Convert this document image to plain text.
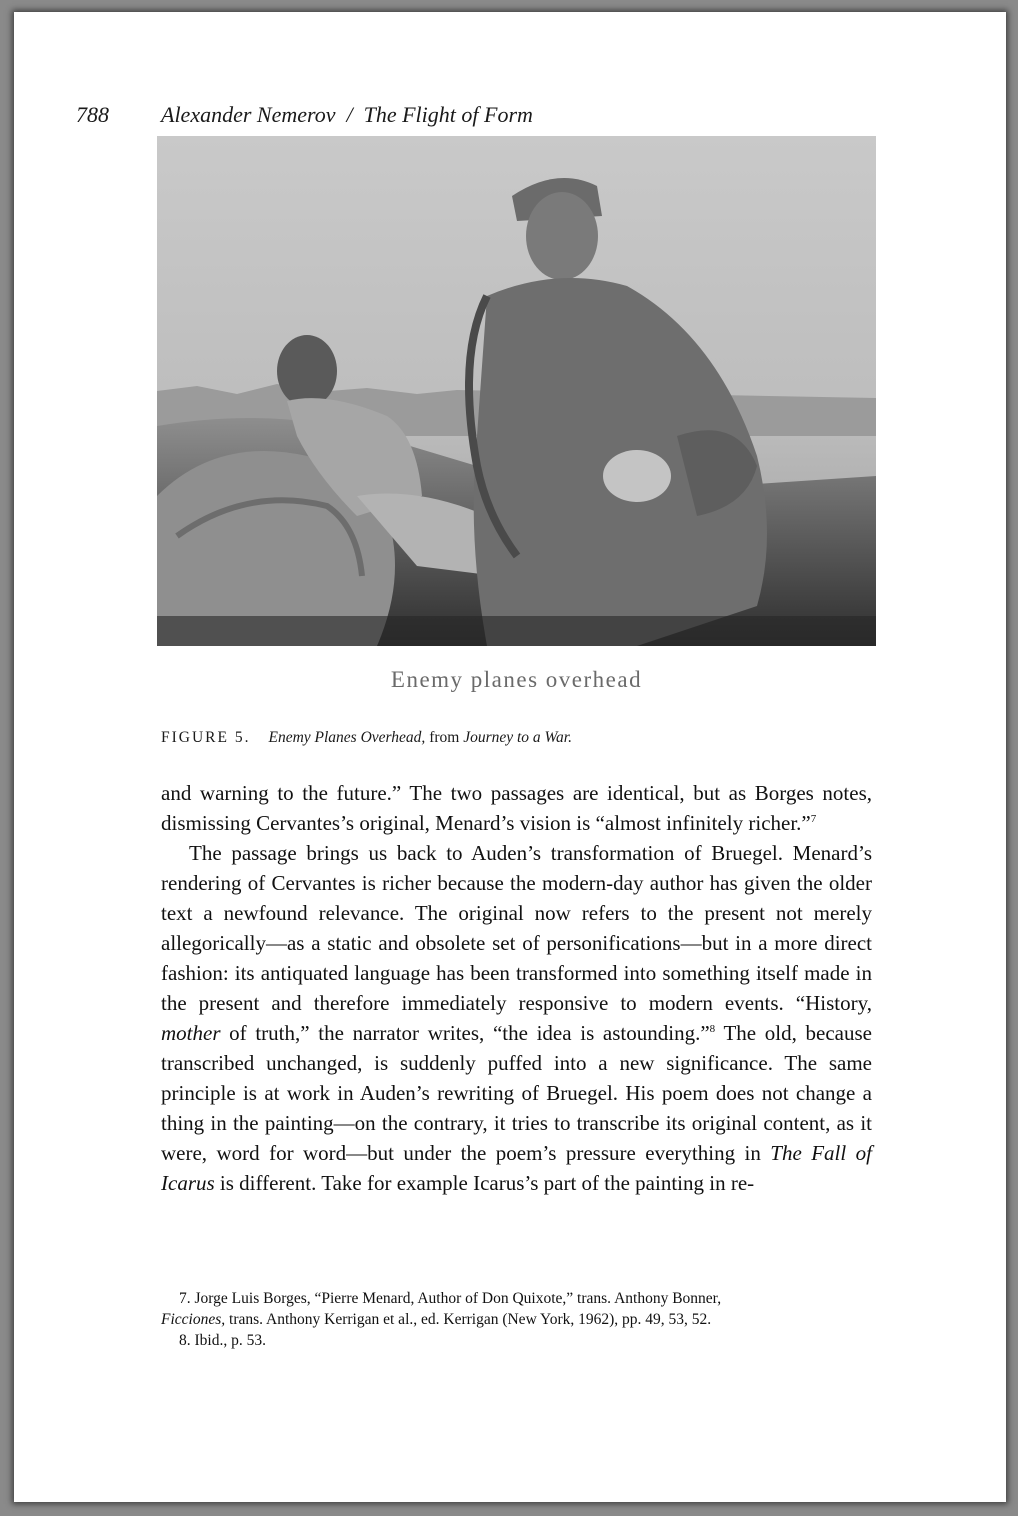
788 Alexander Nemerov  /  The Flight of Form
Enemy planes overhead
FIGURE 5. Enemy Planes Overhead, from Journey to a War.

and warning to the future.” The two passages are identical, but as Borges notes, dismissing Cervantes’s original, Menard’s vision is “almost infinitely richer.”$^7$

The passage brings us back to Auden’s transformation of Bruegel. Menard’s rendering of Cervantes is richer because the modern-day author has given the older text a newfound relevance. The original now refers to the present not merely allegorically—as a static and obsolete set of personifications—but in a more direct fashion: its antiquated language has been transformed into something itself made in the present and therefore immediately responsive to modern events. “History, mother of truth,” the narrator writes, “the idea is astounding.”$^8$ The old, because transcribed unchanged, is suddenly puffed into a new significance. The same principle is at work in Auden’s rewriting of Bruegel. His poem does not change a thing in the painting—on the contrary, it tries to transcribe its original content, as it were, word for word—but under the poem’s pressure everything in The Fall of Icarus is different. Take for example Icarus’s part of the painting in re-

7. Jorge Luis Borges, “Pierre Menard, Author of Don Quixote,” trans. Anthony Bonner,

Ficciones, trans. Anthony Kerrigan et al., ed. Kerrigan (New York, 1962), pp. 49, 53, 52.

8. Ibid., p. 53.
